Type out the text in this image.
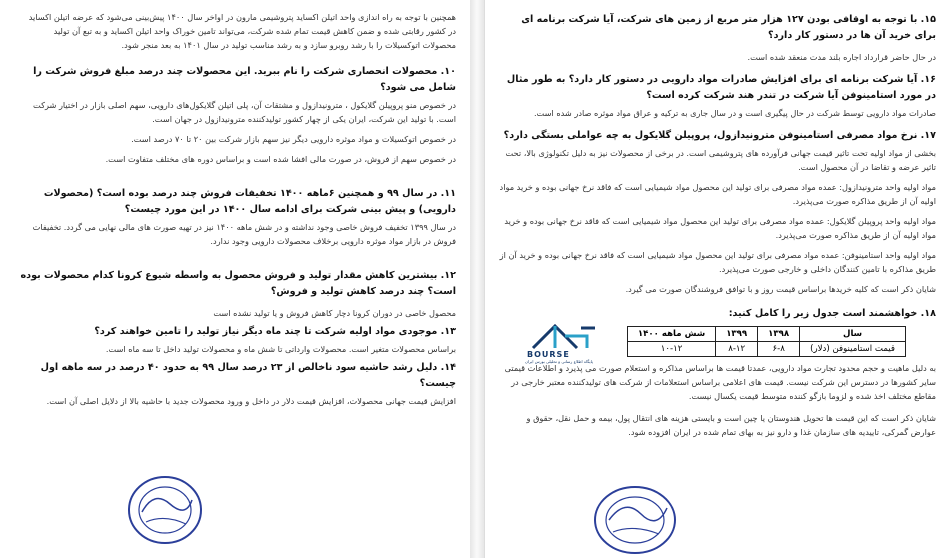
همچنین با توجه به راه اندازی واحد اتیلن اکساید پتروشیمی مارون در اواخر سال ۱۴۰۰ پیش‌بینی می‌شود که عرضه اتیلن اکساید در کشور رقابتی شده و ضمن کاهش قیمت تمام شده شرکت، می‌تواند تامین خوراک واحد اتیلن اکساید و به تبع آن تولید محصولات اتوکسیلات را با رشد روبرو سازد و به رشد مناسب تولید در سال ۱۴۰۱ به بعد منجر شود.

۱۰. محصولات انحصاری شرکت را نام ببرید. این محصولات چند درصد مبلغ فروش شرکت را شامل می شود؟

در خصوص منو پروپیلن گلایکول ، مترونیدازول و مشتقات آن، پلی اتیلن گلایکول‌های دارویی، سهم اصلی بازار در اختیار شرکت است. با تولید این شرکت، ایران یکی از چهار کشور تولیدکننده مترونیدازول در جهان است.

در خصوص اتوکسیلات و مواد موثره دارویی دیگر نیز سهم بازار شرکت بین ۲۰ تا ۷۰ درصد است.

در خصوص سهم از فروش، در صورت مالی افشا شده است و براساس دوره های مختلف متفاوت است.

۱۱. در سال ۹۹ و همچنین ۶ماهه ۱۴۰۰ تخفیفات فروش چند درصد بوده است؟ (محصولات دارویی) و پیش بینی شرکت برای ادامه سال ۱۴۰۰ در این مورد چیست؟

در سال ۱۳۹۹ تخفیف فروش خاصی وجود نداشته و در شش ماهه ۱۴۰۰ نیز در تهیه صورت های مالی نهایی می گردد. تخفیفات فروش در بازار مواد موثره دارویی برخلاف محصولات دارویی وجود ندارد.

۱۲. بیشترین کاهش مقدار تولید و فروش محصول به واسطه شیوع کرونا کدام محصولات بوده است؟ چند درصد کاهش تولید و فروش؟

محصول خاصی در دوران کرونا دچار کاهش فروش و یا تولید نشده است

۱۳. موجودی مواد اولیه شرکت تا چند ماه دیگر نیاز تولید را تامین خواهند کرد؟

براساس محصولات متغیر است. محصولات وارداتی تا شش ماه و محصولات تولید داخل تا سه ماه است.

۱۴. دلیل رشد حاشیه سود ناخالص از ۲۳ درصد سال ۹۹ به حدود ۴۰ درصد در سه ماهه اول چیست؟

افزایش قیمت جهانی محصولات، افزایش قیمت دلار در داخل و ورود محصولات جدید با حاشیه بالا از دلایل اصلی آن است.

۱۵. با توجه به اوقافی بودن ۱۲۷ هزار متر مربع از زمین های شرکت، آیا شرکت برنامه ای برای خرید آن ها در دستور کار دارد؟

در حال حاضر قرارداد اجاره بلند مدت منعقد شده است.

۱۶. آیا شرکت برنامه ای برای افزایش صادرات مواد دارویی در دستور کار دارد؟ به طور مثال در مورد استامینوفن آیا شرکت در تندر هند شرکت کرده است؟

صادرات مواد دارویی توسط شرکت در حال پیگیری است و در سال جاری به ترکیه و عراق مواد موثره صادر شده است.

۱۷. نرخ مواد مصرفی استامینوفن مترونیدازول، پروپیلن گلایکول به چه عواملی بستگی دارد؟

بخشی از مواد اولیه تحت تاثیر قیمت جهانی فرآورده های پتروشیمی است. در برخی از محصولات نیز به دلیل تکنولوژی بالا، تحت تاثیر عرضه و تقاضا در آن محصول است.

مواد اولیه واحد مترونیدازول: عمده مواد مصرفی برای تولید این محصول مواد شیمیایی است که فاقد نرخ جهانی بوده و خرید مواد اولیه آن از طریق مذاکره صورت می‌پذیرد.

مواد اولیه واحد پروپیلن گلایکول: عمده مواد مصرفی برای تولید این محصول مواد شیمیایی است که فاقد نرخ جهانی بوده و خرید مواد اولیه آن از طریق مذاکره صورت می‌پذیرد.

مواد اولیه واحد استامینوفن: عمده مواد مصرفی برای تولید این محصول مواد شیمیایی است که فاقد نرخ جهانی بوده و خرید آن از طریق مذاکره با تامین کنندگان داخلی و خارجی صورت می‌پذیرد.

شایان ذکر است که کلیه خریدها براساس قیمت روز و با توافق فروشندگان صورت می گیرد.

۱۸. خواهشمند است جدول زیر را کامل کنید:

سال	۱۳۹۸	۱۳۹۹	شش ماهه ۱۴۰۰
قیمت استامینوفن (دلار)	۶-۸	۸-۱۲	۱۰-۱۲

به دلیل ماهیت و حجم محدود تجارت مواد دارویی، عمدتا قیمت ها براساس مذاکره و استعلام صورت می پذیرد و اطلاعات قیمتی سایر کشورها در دسترس این شرکت نیست. قیمت های اعلامی براساس استعلامات از شرکت های تولیدکننده معتبر خارجی در مقاطع مختلف اخذ شده و لزوما بازگو کننده متوسط قیمت یکسال نیست.

شایان ذکر است که این قیمت ها تحویل هندوستان یا چین است و بایستی هزینه های انتقال پول، بیمه و حمل نقل، حقوق و عوارض گمرکی، تاییدیه های سازمان غذا و دارو نیز به بهای تمام شده در ایران افزوده شود.

BOURSE
پایگاه اطلاع رسانی و تحلیلی بورس ایران
